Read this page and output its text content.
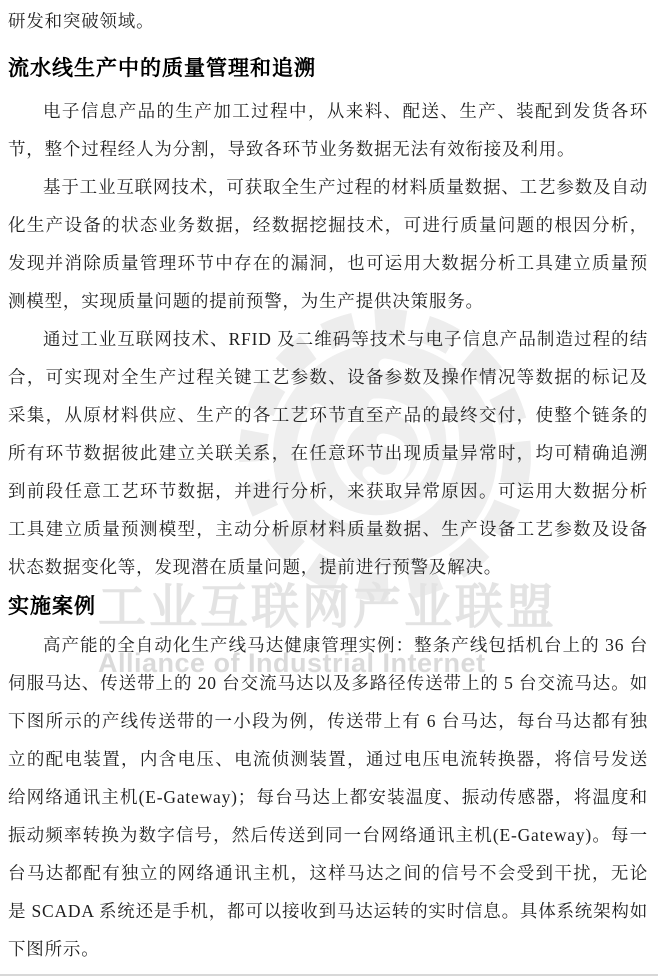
工业互联网产业联盟
Alliance of Industrial Internet

研发和突破领域。

流水线生产中的质量管理和追溯

电子信息产品的生产加工过程中，从来料、配送、生产、装配到发货各环节，整个过程经人为分割，导致各环节业务数据无法有效衔接及利用。

基于工业互联网技术，可获取全生产过程的材料质量数据、工艺参数及自动化生产设备的状态业务数据，经数据挖掘技术，可进行质量问题的根因分析，发现并消除质量管理环节中存在的漏洞，也可运用大数据分析工具建立质量预测模型，实现质量问题的提前预警，为生产提供决策服务。

通过工业互联网技术、RFID 及二维码等技术与电子信息产品制造过程的结合，可实现对全生产过程关键工艺参数、设备参数及操作情况等数据的标记及采集，从原材料供应、生产的各工艺环节直至产品的最终交付，使整个链条的所有环节数据彼此建立关联关系，在任意环节出现质量异常时，均可精确追溯到前段任意工艺环节数据，并进行分析，来获取异常原因。可运用大数据分析工具建立质量预测模型，主动分析原材料质量数据、生产设备工艺参数及设备状态数据变化等，发现潜在质量问题，提前进行预警及解决。

实施案例

高产能的全自动化生产线马达健康管理实例：整条产线包括机台上的 36 台伺服马达、传送带上的 20 台交流马达以及多路径传送带上的 5 台交流马达。如下图所示的产线传送带的一小段为例，传送带上有 6 台马达，每台马达都有独立的配电装置，内含电压、电流侦测装置，通过电压电流转换器，将信号发送给网络通讯主机(E-Gateway)；每台马达上都安装温度、振动传感器，将温度和振动频率转换为数字信号，然后传送到同一台网络通讯主机(E-Gateway)。每一台马达都配有独立的网络通讯主机，这样马达之间的信号不会受到干扰，无论是 SCADA 系统还是手机，都可以接收到马达运转的实时信息。具体系统架构如下图所示。
